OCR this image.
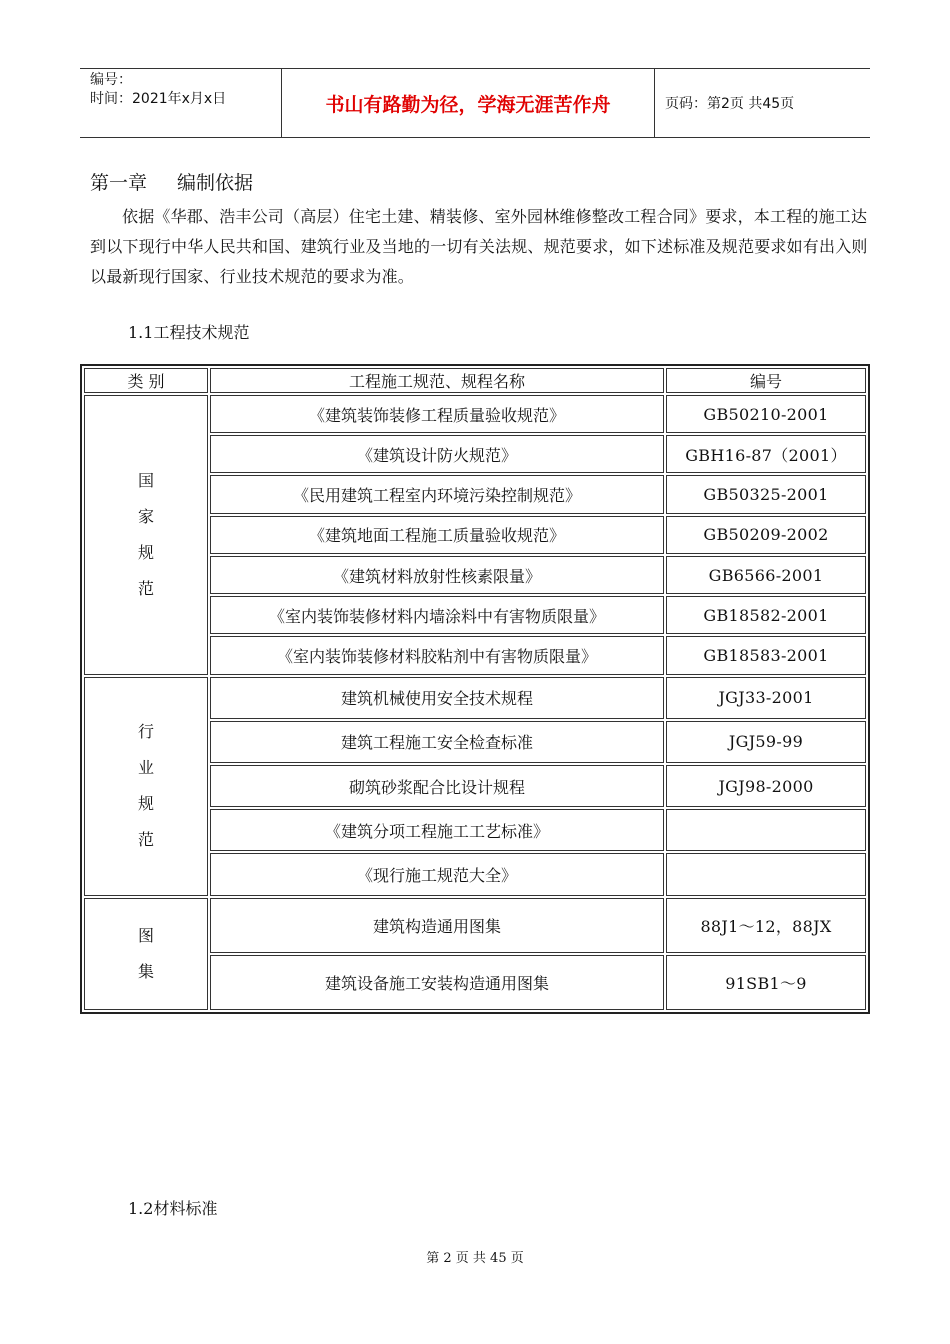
编号：
时间：2021年x月x日	书山有路勤为径，学海无涯苦作舟	页码：第2页 共45页
第一章 编制依据
依据《华郡、浩丰公司（高层）住宅土建、精装修、室外园林维修整改工程合同》要求，本工程的施工达到以下现行中华人民共和国、建筑行业及当地的一切有关法规、规范要求，如下述标准及规范要求如有出入则以最新现行国家、行业技术规范的要求为准。
1.1工程技术规范
类 别	工程施工规范、规程名称	编号

国
家
规
范	《建筑装饰装修工程质量验收规范》	GB50210-2001
	《建筑设计防火规范》	GBH16-87（2001）
	《民用建筑工程室内环境污染控制规范》	GB50325-2001
	《建筑地面工程施工质量验收规范》	GB50209-2002
	《建筑材料放射性核素限量》	GB6566-2001
	《室内装饰装修材料内墙涂料中有害物质限量》	GB18582-2001
	《室内装饰装修材料胶粘剂中有害物质限量》	GB18583-2001

行
业
规
范	建筑机械使用安全技术规程	JGJ33-2001
	建筑工程施工安全检查标准	JGJ59-99
	砌筑砂浆配合比设计规程	JGJ98-2000
	《建筑分项工程施工工艺标准》	
	《现行施工规范大全》	

图
集	建筑构造通用图集	88J1～12，88JX
	建筑设备施工安装构造通用图集	91SB1～9
1.2材料标准
第 2 页 共 45 页
